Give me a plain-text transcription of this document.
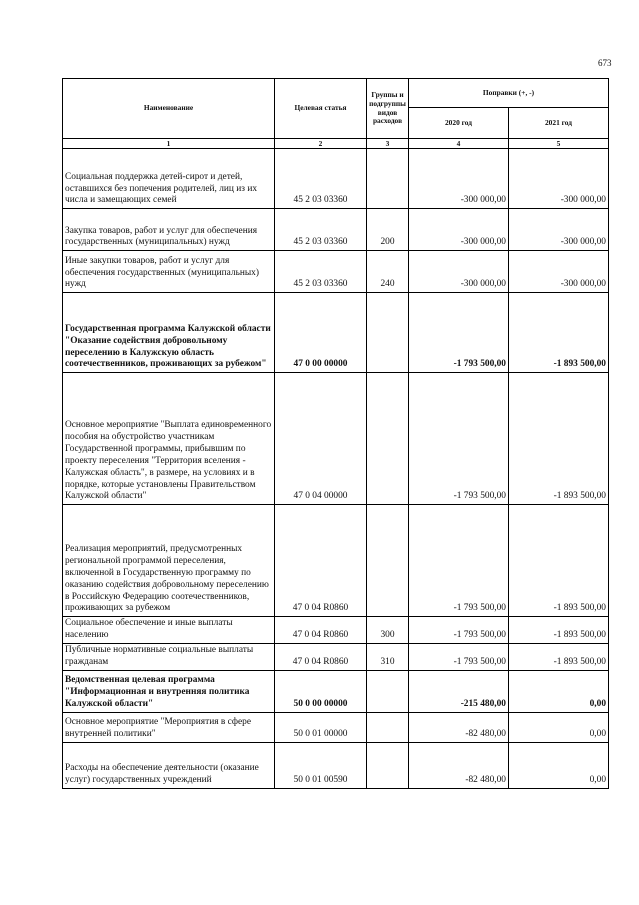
673
Наименование	Целевая статья	Группы и
подгруппы
видов
расходов	Поправки (+, -)	
			2020 год	2021 год
1	2	3	4	5
Социальная поддержка детей-сирот и детей, оставшихся без попечения родителей, лиц из их числа и замещающих семей	45 2 03 03360		-300 000,00	-300 000,00
Закупка товаров, работ и услуг для обеспечения государственных (муниципальных) нужд	45 2 03 03360	200	-300 000,00	-300 000,00
Иные закупки товаров, работ и услуг для обеспечения государственных (муниципальных) нужд	45 2 03 03360	240	-300 000,00	-300 000,00
Государственная программа Калужской области "Оказание содействия добровольному переселению в Калужскую область соотечественников, проживающих за рубежом"	47 0 00 00000		-1 793 500,00	-1 893 500,00
Основное мероприятие "Выплата единовременного пособия на обустройство участникам Государственной программы, прибывшим по проекту переселения "Территория вселения - Калужская область", в размере, на условиях и в порядке, которые установлены Правительством Калужской области"	47 0 04 00000		-1 793 500,00	-1 893 500,00
Реализация мероприятий, предусмотренных региональной программой переселения, включенной в Государственную программу по оказанию содействия добровольному переселению в Российскую Федерацию соотечественников, проживающих за рубежом	47 0 04 R0860		-1 793 500,00	-1 893 500,00
Социальное обеспечение и иные выплаты населению	47 0 04 R0860	300	-1 793 500,00	-1 893 500,00
Публичные нормативные социальные выплаты гражданам	47 0 04 R0860	310	-1 793 500,00	-1 893 500,00
Ведомственная целевая программа "Информационная и внутренняя политика Калужской области"	50 0 00 00000		-215 480,00	0,00
Основное мероприятие "Мероприятия в сфере внутренней политики"	50 0 01 00000		-82 480,00	0,00
Расходы на обеспечение деятельности (оказание услуг) государственных учреждений	50 0 01 00590		-82 480,00	0,00
